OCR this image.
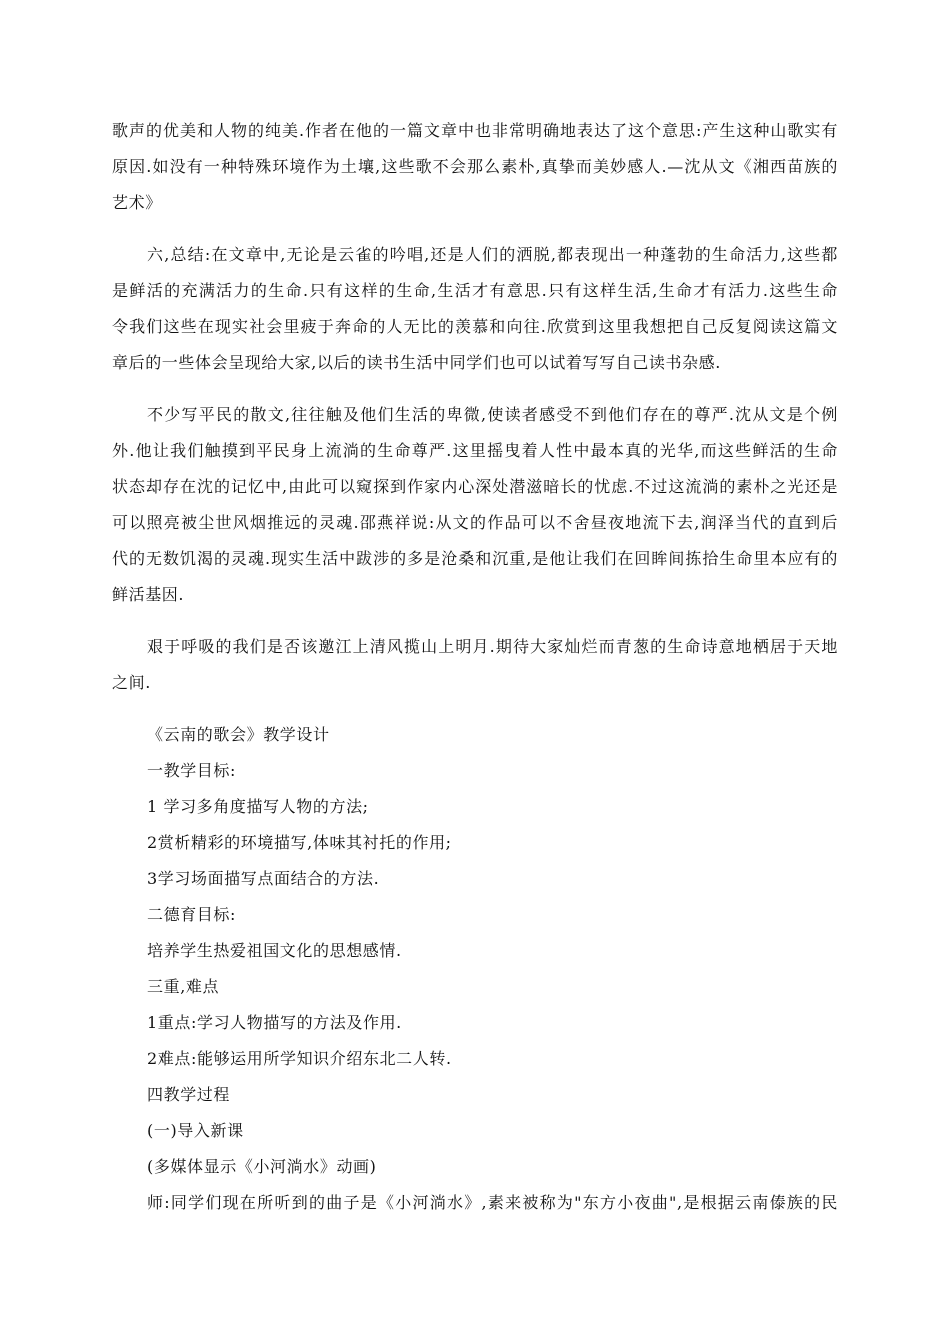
歌声的优美和人物的纯美.作者在他的一篇文章中也非常明确地表达了这个意思:产生这种山歌实有
原因.如没有一种特殊环境作为土壤,这些歌不会那么素朴,真挚而美妙感人.—沈从文《湘西苗族的
艺术》
六,总结:在文章中,无论是云雀的吟唱,还是人们的洒脱,都表现出一种蓬勃的生命活力,这些都
是鲜活的充满活力的生命.只有这样的生命,生活才有意思.只有这样生活,生命才有活力.这些生命
令我们这些在现实社会里疲于奔命的人无比的羡慕和向往.欣赏到这里我想把自己反复阅读这篇文
章后的一些体会呈现给大家,以后的读书生活中同学们也可以试着写写自己读书杂感.
不少写平民的散文,往往触及他们生活的卑微,使读者感受不到他们存在的尊严.沈从文是个例
外.他让我们触摸到平民身上流淌的生命尊严.这里摇曳着人性中最本真的光华,而这些鲜活的生命
状态却存在沈的记忆中,由此可以窥探到作家内心深处潜滋暗长的忧虑.不过这流淌的素朴之光还是
可以照亮被尘世风烟推远的灵魂.邵燕祥说:从文的作品可以不舍昼夜地流下去,润泽当代的直到后
代的无数饥渴的灵魂.现实生活中跋涉的多是沧桑和沉重,是他让我们在回眸间拣拾生命里本应有的
鲜活基因.
艰于呼吸的我们是否该邀江上清风揽山上明月.期待大家灿烂而青葱的生命诗意地栖居于天地
之间.
《云南的歌会》教学设计
一教学目标:
1 学习多角度描写人物的方法;
2赏析精彩的环境描写,体味其衬托的作用;
3学习场面描写点面结合的方法.
二德育目标:
培养学生热爱祖国文化的思想感情.
三重,难点
1重点:学习人物描写的方法及作用.
2难点:能够运用所学知识介绍东北二人转.
四教学过程
(一)导入新课
(多媒体显示《小河淌水》动画)
师:同学们现在所听到的曲子是《小河淌水》,素来被称为"东方小夜曲",是根据云南傣族的民
